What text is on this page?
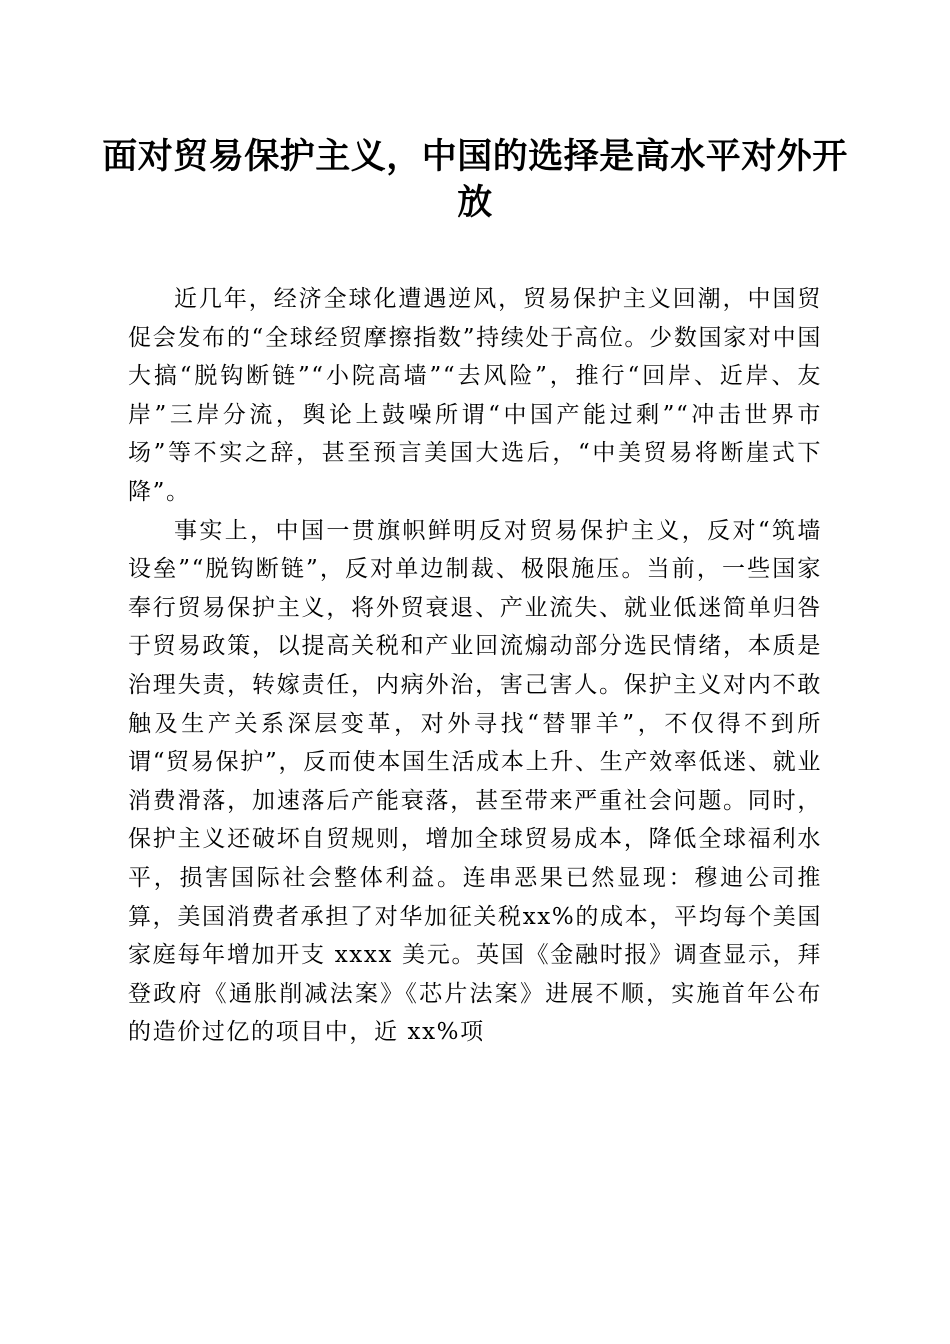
面对贸易保护主义，中国的选择是高水平对外开放

近几年，经济全球化遭遇逆风，贸易保护主义回潮，中国贸促会发布的“全球经贸摩擦指数”持续处于高位。少数国家对中国大搞“脱钩断链”“小院高墙”“去风险”，推行“回岸、近岸、友岸”三岸分流，舆论上鼓噪所谓“中国产能过剩”“冲击世界市场”等不实之辞，甚至预言美国大选后，“中美贸易将断崖式下降”。

事实上，中国一贯旗帜鲜明反对贸易保护主义，反对“筑墙设垒”“脱钩断链”，反对单边制裁、极限施压。当前，一些国家奉行贸易保护主义，将外贸衰退、产业流失、就业低迷简单归咎于贸易政策，以提高关税和产业回流煽动部分选民情绪，本质是治理失责，转嫁责任，内病外治，害己害人。保护主义对内不敢触及生产关系深层变革，对外寻找“替罪羊”，不仅得不到所谓“贸易保护”，反而使本国生活成本上升、生产效率低迷、就业消费滑落，加速落后产能衰落，甚至带来严重社会问题。同时，保护主义还破坏自贸规则，增加全球贸易成本，降低全球福利水平，损害国际社会整体利益。连串恶果已然显现：穆迪公司推算，美国消费者承担了对华加征关税xx%的成本，平均每个美国家庭每年增加开支 xxxx 美元。英国《金融时报》调查显示，拜登政府《通胀削减法案》《芯片法案》进展不顺，实施首年公布的造价过亿的项目中，近 xx%项
